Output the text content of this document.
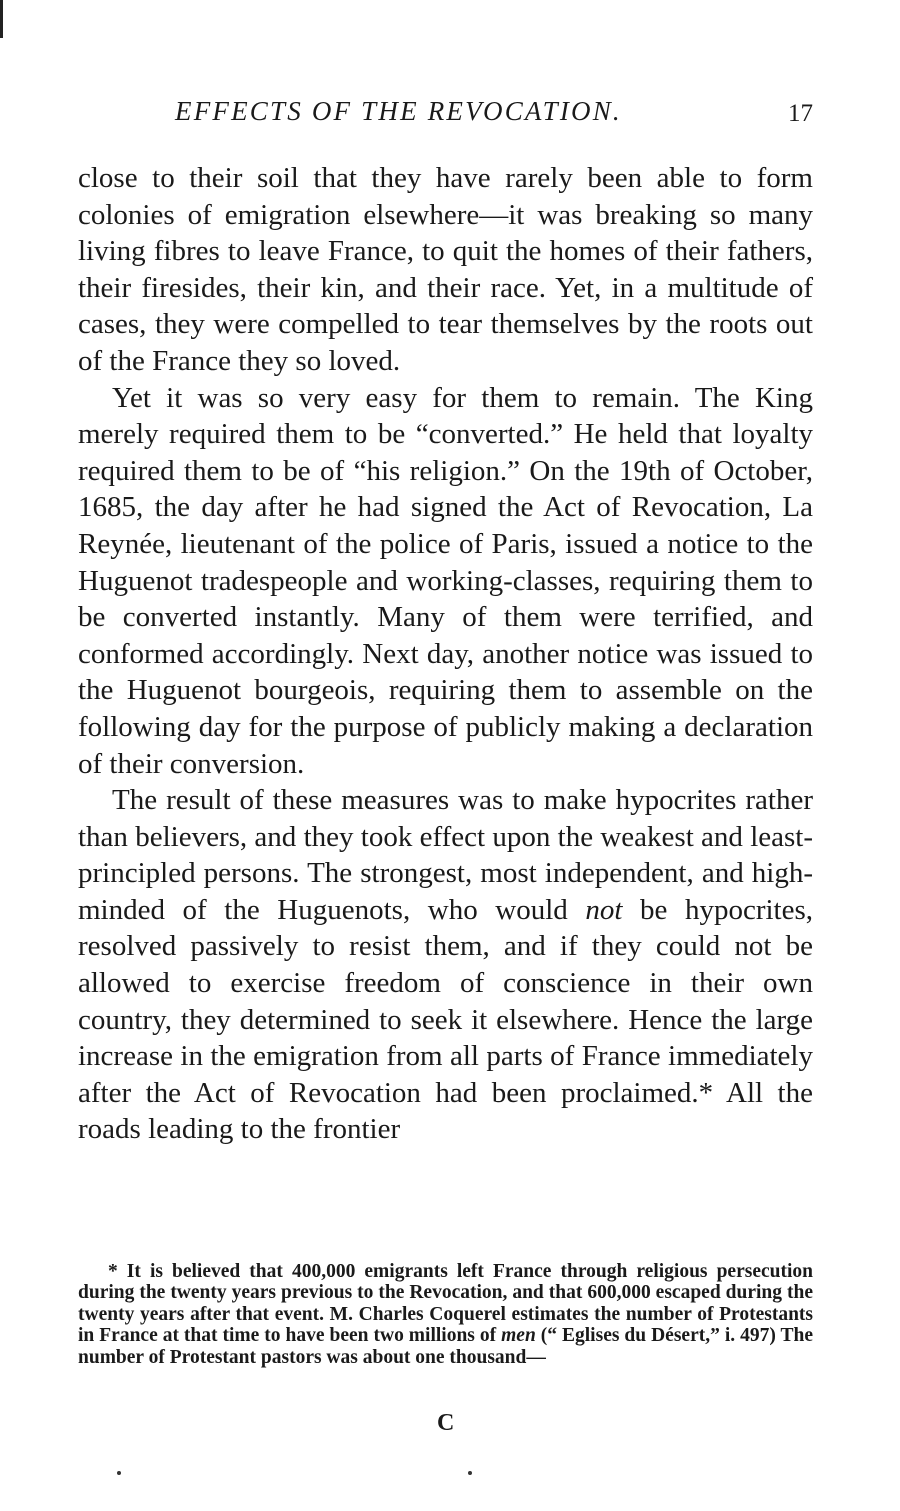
EFFECTS OF THE REVOCATION.	17

close to their soil that they have rarely been able to form colonies of emigration elsewhere—it was breaking so many living fibres to leave France, to quit the homes of their fathers, their firesides, their kin, and their race. Yet, in a multitude of cases, they were compelled to tear themselves by the roots out of the France they so loved.

Yet it was so very easy for them to remain. The King merely required them to be “converted.” He held that loyalty required them to be of “his religion.” On the 19th of October, 1685, the day after he had signed the Act of Revocation, La Reynée, lieutenant of the police of Paris, issued a notice to the Huguenot tradespeople and working-classes, requiring them to be converted instantly. Many of them were terrified, and conformed accordingly. Next day, another notice was issued to the Huguenot bourgeois, requiring them to assemble on the following day for the purpose of publicly making a declaration of their conversion.

The result of these measures was to make hypocrites rather than believers, and they took effect upon the weakest and least-principled persons. The strongest, most independent, and high-minded of the Huguenots, who would not be hypocrites, resolved passively to resist them, and if they could not be allowed to exercise freedom of conscience in their own country, they determined to seek it elsewhere. Hence the large increase in the emigration from all parts of France immediately after the Act of Revocation had been proclaimed.* All the roads leading to the frontier

* It is believed that 400,000 emigrants left France through religious persecution during the twenty years previous to the Revocation, and that 600,000 escaped during the twenty years after that event. M. Charles Coquerel estimates the number of Protestants in France at that time to have been two millions of men (“ Eglises du Désert,” i. 497) The number of Protestant pastors was about one thousand—

C
